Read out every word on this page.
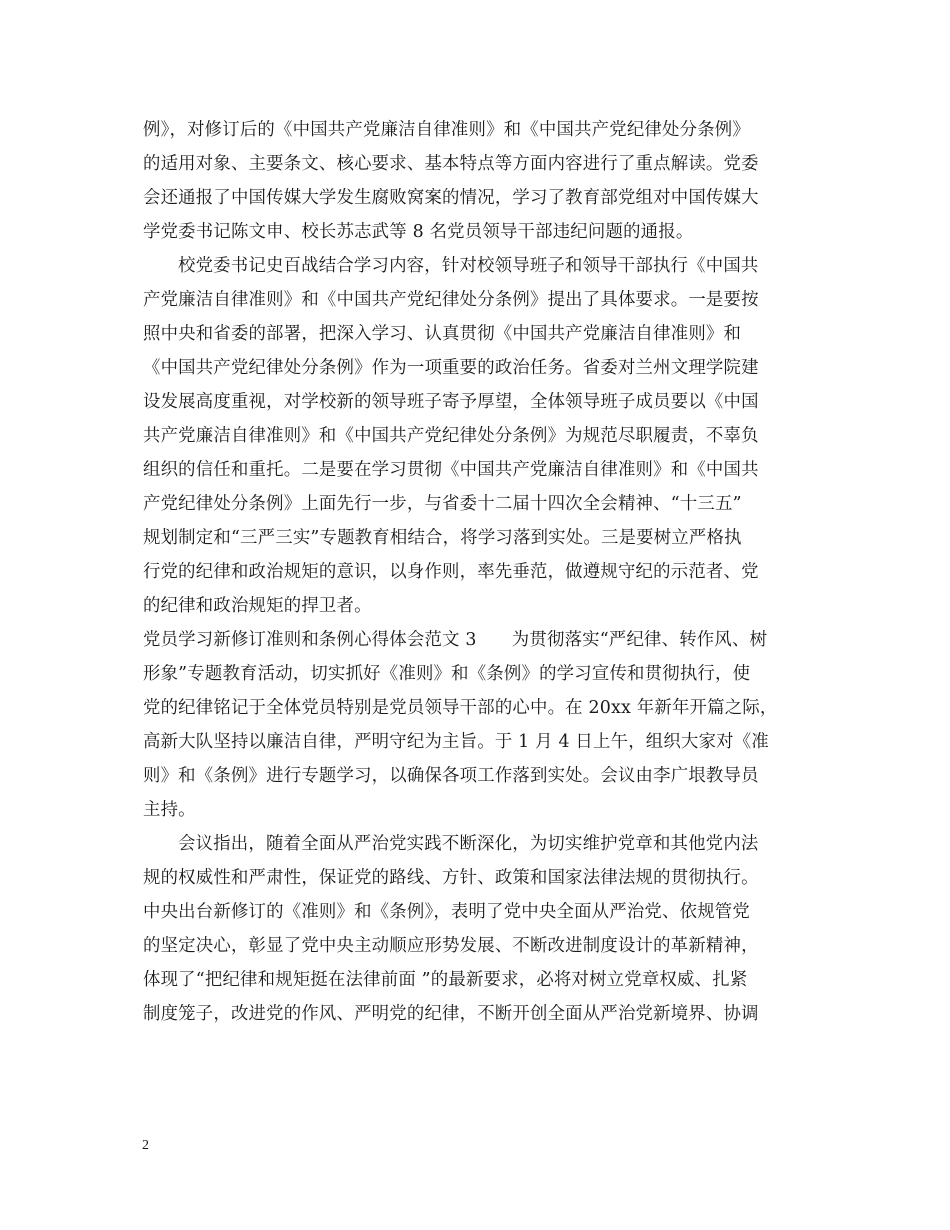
例》，对修订后的《中国共产党廉洁自律准则》和《中国共产党纪律处分条例》
的适用对象、主要条文、核心要求、基本特点等方面内容进行了重点解读。党委
会还通报了中国传媒大学发生腐败窝案的情况，学习了教育部党组对中国传媒大
学党委书记陈文申、校长苏志武等 8 名党员领导干部违纪问题的通报。
校党委书记史百战结合学习内容，针对校领导班子和领导干部执行《中国共
产党廉洁自律准则》和《中国共产党纪律处分条例》提出了具体要求。一是要按
照中央和省委的部署，把深入学习、认真贯彻《中国共产党廉洁自律准则》和
《中国共产党纪律处分条例》作为一项重要的政治任务。省委对兰州文理学院建
设发展高度重视，对学校新的领导班子寄予厚望，全体领导班子成员要以《中国
共产党廉洁自律准则》和《中国共产党纪律处分条例》为规范尽职履责，不辜负
组织的信任和重托。二是要在学习贯彻《中国共产党廉洁自律准则》和《中国共
产党纪律处分条例》上面先行一步，与省委十二届十四次全会精神、“十三五”
规划制定和“三严三实”专题教育相结合，将学习落到实处。三是要树立严格执
行党的纪律和政治规矩的意识，以身作则，率先垂范，做遵规守纪的示范者、党
的纪律和政治规矩的捍卫者。
党员学习新修订准则和条例心得体会范文 3　　为贯彻落实“严纪律、转作风、树
形象”专题教育活动，切实抓好《准则》和《条例》的学习宣传和贯彻执行，使
党的纪律铭记于全体党员特别是党员领导干部的心中。在 20xx 年新年开篇之际，
高新大队坚持以廉洁自律，严明守纪为主旨。于 1 月 4 日上午，组织大家对《准
则》和《条例》进行专题学习，以确保各项工作落到实处。会议由李广垠教导员
主持。
会议指出，随着全面从严治党实践不断深化，为切实维护党章和其他党内法
规的权威性和严肃性，保证党的路线、方针、政策和国家法律法规的贯彻执行。
中央出台新修订的《准则》和《条例》，表明了党中央全面从严治党、依规管党
的坚定决心，彰显了党中央主动顺应形势发展、不断改进制度设计的革新精神，
体现了“把纪律和规矩挺在法律前面 ”的最新要求，必将对树立党章权威、扎紧
制度笼子，改进党的作风、严明党的纪律，不断开创全面从严治党新境界、协调
2
